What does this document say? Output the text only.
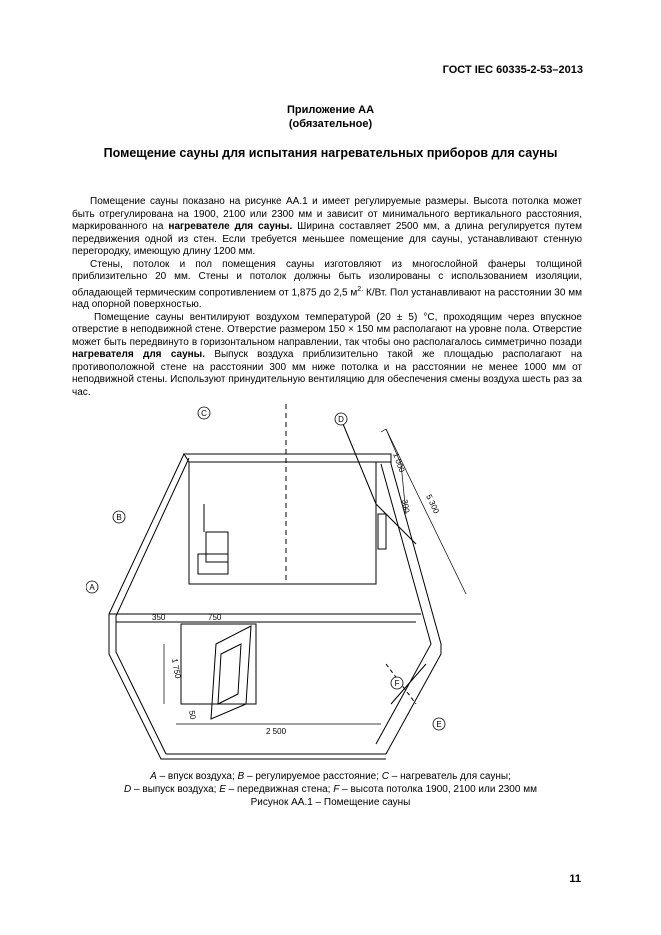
ГОСТ IEC 60335-2-53–2013
Приложение АА
(обязательное)
Помещение сауны для испытания нагревательных приборов для сауны

Помещение сауны показано на рисунке АА.1 и имеет регулируемые размеры. Высота потолка может быть отрегулирована на 1900, 2100 или 2300 мм и зависит от минимального вертикального расстояния, маркированного на нагревателе для сауны. Ширина составляет 2500 мм, а длина регулируется путем передвижения одной из стен. Если требуется меньшее помещение для сауны, устанавливают стенную перегородку, имеющую длину 1200 мм.

Стены, потолок и пол помещения сауны изготовляют из многослойной фанеры толщиной приблизительно 20 мм. Стены и потолок должны быть изолированы с использованием изоляции, обладающей термическим сопротивлением от 1,875 до 2,5 $м^{2.}$ К/Вт. Пол устанавливают на расстоянии 30 мм над опорной поверхностью.

Помещение сауны вентилируют воздухом температурой (20 ± 5) °С, проходящим через впускное отверстие в неподвижной стене. Отверстие размером 150 × 150 мм располагают на уровне пола. Отверстие может быть передвинуто в горизонтальном направлении, так чтобы оно располагалось симметрично позади нагревателя для сауны. Выпуск воздуха приблизительно такой же площадью располагают на противоположной стене на расстоянии 300 мм ниже потолка и на расстоянии не менее 1000 мм от неподвижной стены. Используют принудительную вентиляцию для обеспечения смены воздуха шесть раз за час.

C
D
B
A
F
E
1 000
300 5 300
350	750
1 750
50
2 500
A – впуск воздуха; B – регулируемое расстояние; C – нагреватель для сауны;
D – выпуск воздуха; E – передвижная стена; F – высота потолка 1900, 2100 или 2300 мм
Рисунок АА.1 – Помещение сауны
11
